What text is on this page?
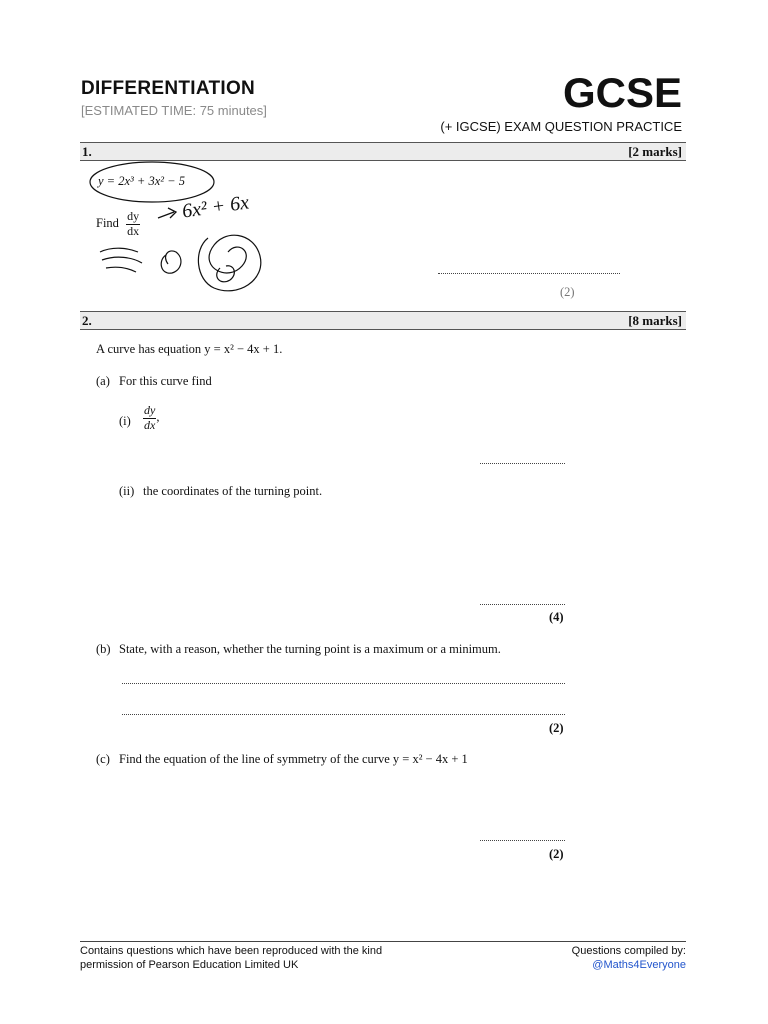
DIFFERENTIATION
[ESTIMATED TIME: 75 minutes]	GCSE
(+ IGCSE) EXAM QUESTION PRACTICE
1.	[2 marks]
y = 2x³ + 3x² − 5
Find $\frac{dy}{dx}$
6x² + 6x
(2)
2.	[8 marks]
A curve has equation y = x² − 4x + 1.
(a) For this curve find
$(i) \frac{dy}{dx}$ ,
(ii) the coordinates of the turning point.
(4)
(b) State, with a reason, whether the turning point is a maximum or a minimum.
(2)
(c) Find the equation of the line of symmetry of the curve y = x² − 4x + 1
(2)
Contains questions which have been reproduced with the kind
permission of Pearson Education Limited UK
Questions compiled by:
@Maths4Everyone
